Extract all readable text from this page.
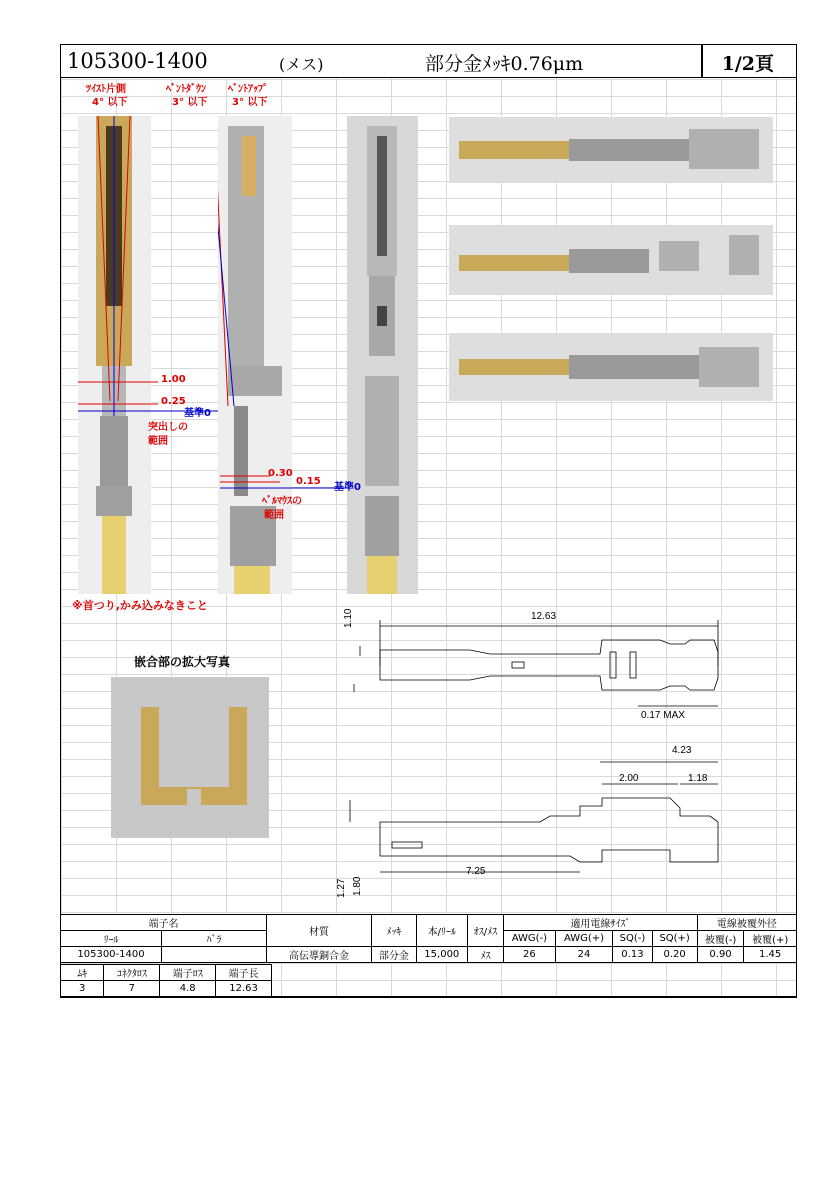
105300-1400	(メス)	部分金ﾒｯｷ0.76μm	1/2頁
ﾂｲｽﾄ片側
4° 以下
ﾍﾞﾝﾄﾀﾞｳﾝ
3° 以下
ﾍﾞﾝﾄｱｯﾌﾟ
3° 以下
1.00
0.25
基準0
突出しの
範囲
0.30
0.15
基準0
ﾍﾞﾙﾏｳｽの
範囲
※首つり,かみ込みなきこと
嵌合部の拡大写真
12.63
1.10
0.17 MAX
4.23
2.00	1.18
7.25
1.27 1.80
端子名		材質	ﾒｯｷ	本/ﾘｰﾙ	ｵｽ/ﾒｽ	適用電線ｻｲｽﾞ				電線被覆外径	
ﾘｰﾙ	ﾊﾞﾗ					AWG(-)	AWG(+)	SQ(-)	SQ(+)	被覆(-)	被覆(+)
105300-1400		高伝導銅合金	部分金	15,000	ﾒｽ	26	24	0.13	0.20	0.90	1.45
ﾑｷ	ｺﾈｸﾀﾛｽ	端子ﾛｽ	端子長
3	7	4.8	12.63
